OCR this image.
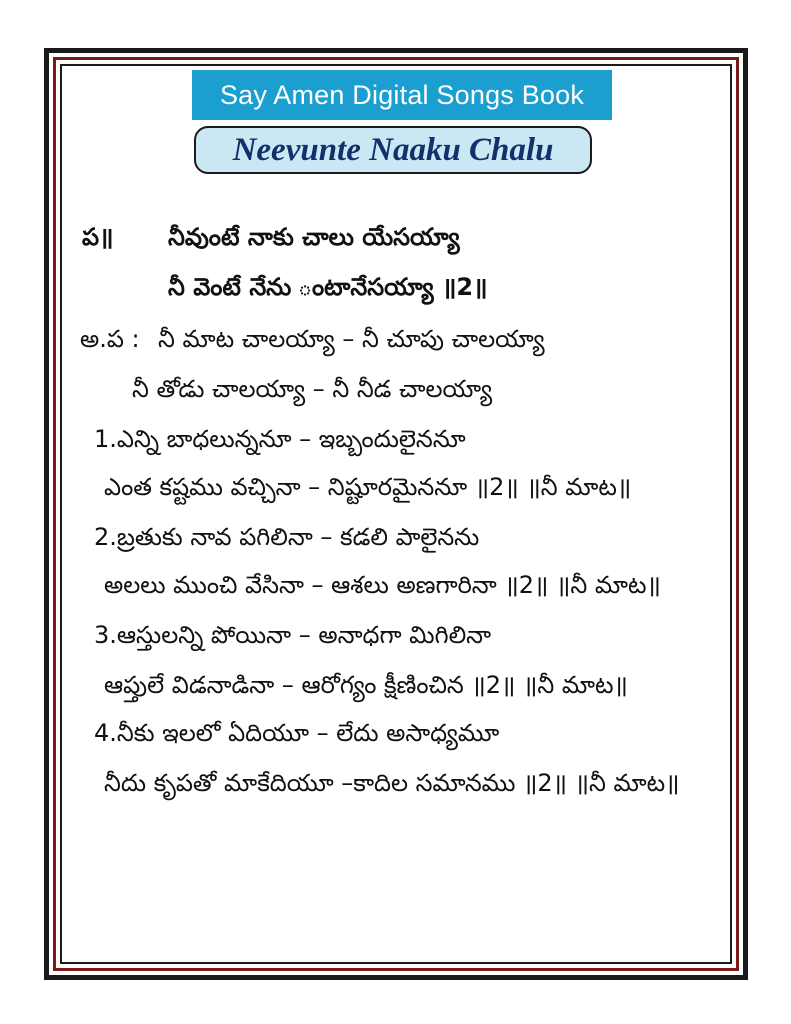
Say Amen Digital Songs Book
Neevunte Naaku Chalu
ప॥ నీవుంటే నాకు చాలు యేసయ్యా
నీ వెంటే నేను ంటానేసయ్యా ॥2॥
అ.ప : నీ మాట చాలయ్యా – నీ చూపు చాలయ్యా
నీ తోడు చాలయ్యా – నీ నీడ చాలయ్యా
1.ఎన్ని బాధలున్ననూ – ఇబ్బందులైననూ
ఎంత కష్టము వచ్చినా – నిష్టూరమైననూ ॥2॥ ॥నీ మాట॥
2.బ్రతుకు నావ పగిలినా – కడలి పాలైనను
అలలు ముంచి వేసినా – ఆశలు అణగారినా ॥2॥ ॥నీ మాట॥
3.ఆస్తులన్ని పోయినా – అనాధగా మిగిలినా
ఆప్తులే విడనాడినా – ఆరోగ్యం క్షీణించిన ॥2॥ ॥నీ మాట॥
4.నీకు ఇలలో ఏదియూ – లేదు అసాధ్యమూ
నీదు కృపతో మాకేదియూ –కాదిల సమానము ॥2॥ ॥నీ మాట॥
